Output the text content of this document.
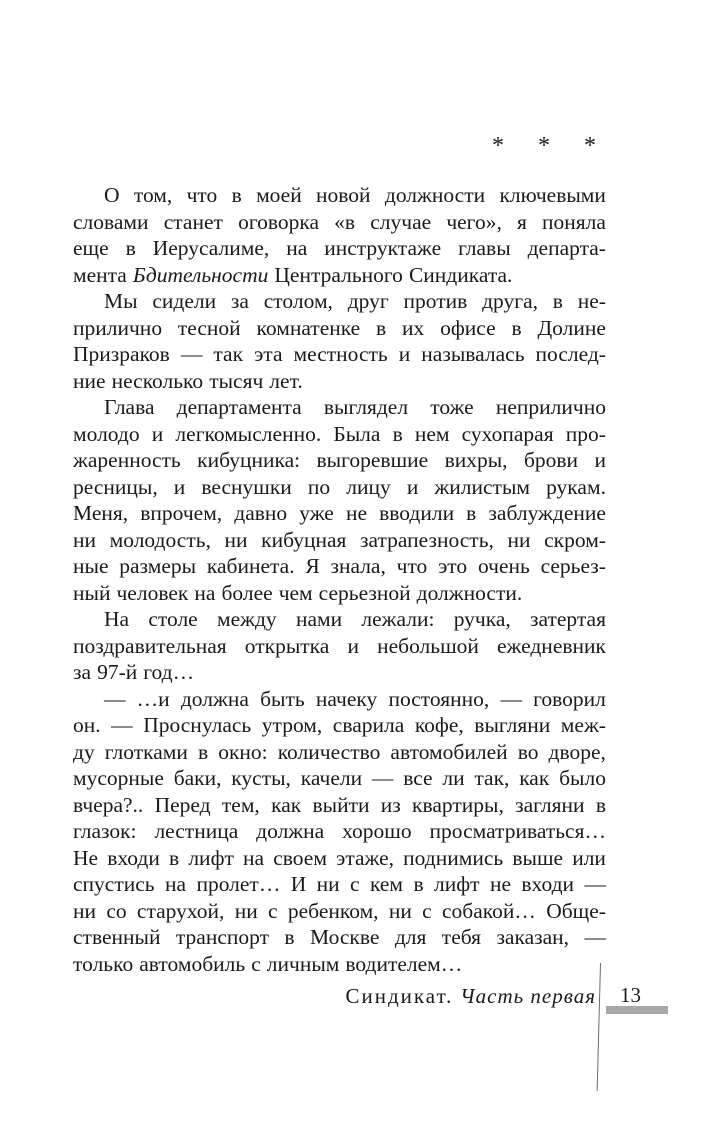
* * *
О том, что в моей новой должности ключевыми
словами станет оговорка «в случае чего», я поняла
еще в Иерусалиме, на инструктаже главы департа-
мента Бдительности Центрального Синдиката.
Мы сидели за столом, друг против друга, в не-
прилично тесной комнатенке в их офисе в Долине
Призраков — так эта местность и называлась послед-
ние несколько тысяч лет.
Глава департамента выглядел тоже неприлично
молодо и легкомысленно. Была в нем сухопарая про-
жаренность кибуцника: выгоревшие вихры, брови и
ресницы, и веснушки по лицу и жилистым рукам.
Меня, впрочем, давно уже не вводили в заблуждение
ни молодость, ни кибуцная затрапезность, ни скром-
ные размеры кабинета. Я знала, что это очень серьез-
ный человек на более чем серьезной должности.
На столе между нами лежали: ручка, затертая
поздравительная открытка и небольшой ежедневник
за 97-й год…
— …и должна быть начеку постоянно, — говорил
он. — Проснулась утром, сварила кофе, выгляни меж-
ду глотками в окно: количество автомобилей во дворе,
мусорные баки, кусты, качели — все ли так, как было
вчера?.. Перед тем, как выйти из квартиры, загляни в
глазок: лестница должна хорошо просматриваться…
Не входи в лифт на своем этаже, поднимись выше или
спустись на пролет… И ни с кем в лифт не входи —
ни со старухой, ни с ребенком, ни с собакой… Обще-
ственный транспорт в Москве для тебя заказан, —
только автомобиль с личным водителем…
Синдикат. Часть первая 13
